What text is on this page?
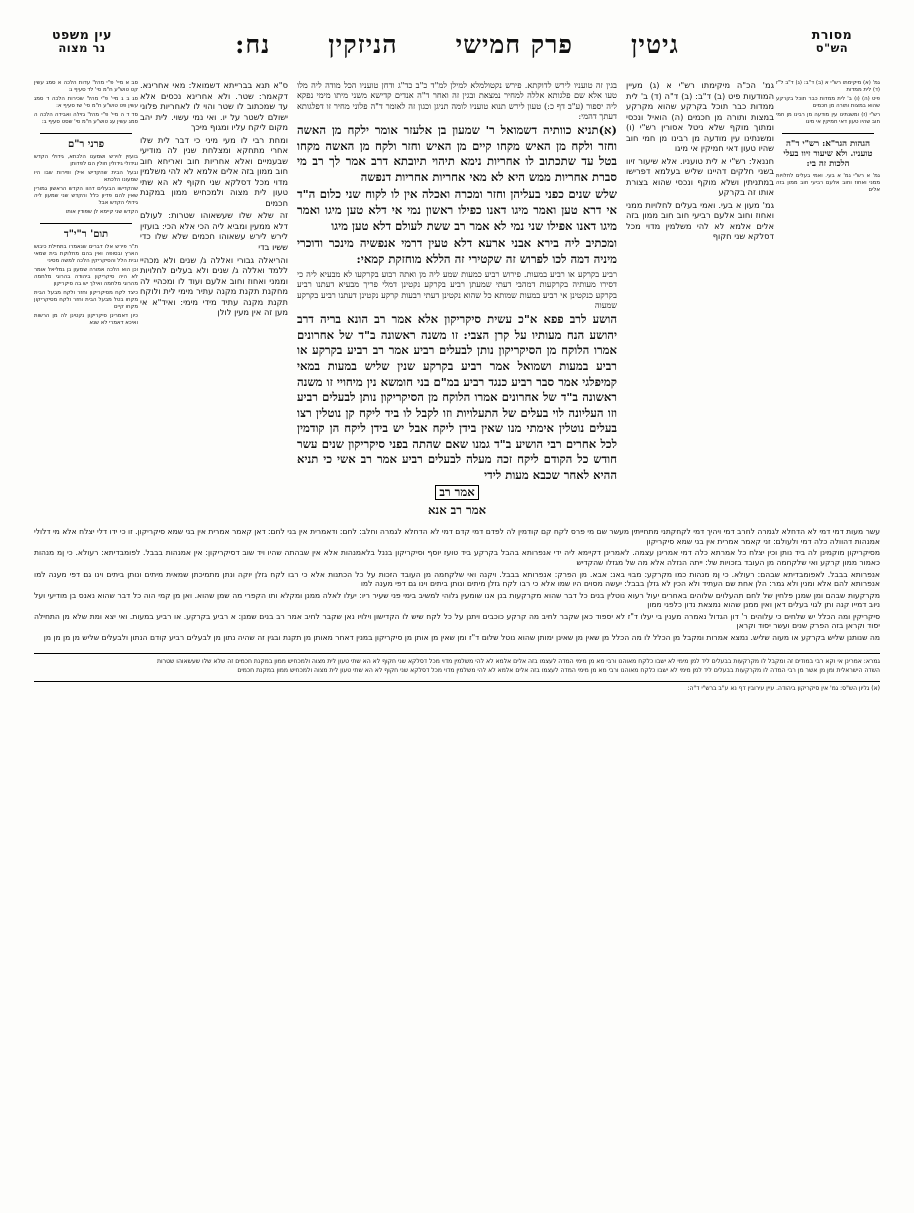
עין משפט
נר מצוה	נח: הניזקין פרק חמישי גיטין	מסורת
הש"ס

סב א מיי' פ"י מהל' עדות הלכה א סמג עשין קט טוש"ע ח"מ סי' לד סעיף ג:

סג ב ג מיי' פ"י מהל' שכירות הלכה ד סמג עשין פט טוש"ע ח"מ סי' שז סעיף א:

סד ד ה מיי' פ"י מהל' גזילה ואבידה הלכה ה סמג עשין עג טוש"ע ח"מ סי' שסט סעיף ב:

פרני ר"ם

בועזין לוירש ושמענו הלכתא, גידולי הקדש וגידולי גידולין חולין הם לפדותן

ובעל הבית שהקדיש אילן ופירות שבו היו שמעונו הלכתא

שהקדישו הבעלים דהוו הקדש הראשון גמורין שאין להם פדיון כלל והקדש שני שמעון ליה גידולי הקדש אבל

הקדש שני קיימא לן שפודין אותו

תום' ר"י"ד

ת"ר פירש אלו דברים שנאמרו בתחילת כיבוש הארץ ובסופה ואין בהם מחלוקת בית שמאי ובית הלל והסיקריקין הלכה למשה מסיני

וכן הוא הלכה אמורה שמעון בן גמליאל אומר לא היה סיקריקון ביהודה בהרוגי מלחמה מהרוגי מלחמה ואילך יש בה סיקריקון

כיצד לקח מסיקריקון וחזר ולקח מבעל הבית מקחו בטל מבעל הבית וחזר ולקח מסיקריקון מקחו קיים

כיון דאמרינן סיקריקון נקטינן לה מן הרשות ואיכא דאמרי לא שנא

ס"א תנא בברייתא דשמואל: מאי אחרינא. דקאמר: שטר. ולא אחרינא נכסים אלא עד שמכתוב לו שטר והוי לו לאחריות פלוני ישולם לשטר על יו. ואי נמי עשוי. לית יהב מקום ליקח עליו ומגוף מיכך

ומחת רבי לו מעי מיני כי דבר לית שלו אחרי מתחקא ומצלחת שנין לה מודיעי שבעמיים ואלא אחריות חוב ואריחא חוב חוב ממון בזה אלים אלמא לא להי משלמין מדוי מכל דסלקא שני חקוף לא הא שתי טעון לית מצוה ולמכחיש ממון במקנת חכמים

זה שלא שלו שעשאוהו שטרות: לעולם דלא ממעין ומביא ליה הכי אלא הכי: בועזין לירש לירש עשאוהו חכמים שלא שלו כדי ששיו בדי

והריאלה גבורי ואללה ג/ שנים ולא מכהיי ללמד ואללה ג/ שנים ולא בעלים לחלויות וממני ואחוז וחוב אלעם ועוד לו ומכהיי לה מחקנת תקנת מקנה עתיר מימי לית ולוקח תקנת מקנה עתיד מידי מימי: ואיד"א אי מען זה אין מעין לולן

בגין זה טועניו לירש לדוקתא. פירש נקטולמלא למילן למ"ד כ"ב כד"ג ודחן טועניו הכל מודה ליה מלו טעו אלא שם פלגותא אללה למחיר נמצאת ובגין זה ואחר ד"ה אנדים קדישא משני מיתו מימי נפקא ליה יספור (ע"ב דף כ:) טעון לירש תנוא טועניו לומה תניגן וכגון זה לאומר ד"ה פלוני מחיר זו דפלגותא דעתך דהמי:

‫(א)‬תניא כוותיה דשמואל ר' שמעון בן אלעזר אומר ילקח מן האשה וחזר ולקח מן האיש מקחו קיים מן האיש וחזר ולקח מן האשה מקחו בטל עד שתכתוב לו אחריות נימא תיהוי תיובתא דרב אמר לך רב מי סברת אחריות ממש היא לא מאי אחריות אחריות דנפשה

שלש שנים כפני בעליהן וחזר ומכרה ואכלה אין לו לקוח שני כלום ה"ד אי דרא טען ואמר מיגו דאנו כפילו ראשון נמי אי דלא טען מיגו ואמר מיגו דאנו אפילו שני נמי לא אמר רב ששת לעולם דלא טען מיגו

ומכתיב ליה בירא אבני ארעא דלא טעין דרמי אנפשיה מינכר ודוכרי מיניה דמה לכו לפרוש זה שקטירי זה הללא מוחזקת קמאי:

רביע בקרקע או רביע במעות. פירוש רביע כמעות שמע ליה מן ואתה רבוע בקרקעו לא מבעיא ליה כי דסירו מעותיה בקרקעות דמהבי דעתי שמעתן רביע בקרקע נקטינן דמלי פריך מבעיא דעתנו רביע בקרקע כנקטינן אי רביע במעות שמותא כל שהוא נקטינן דעתי רבעות קרקע נקטינן דעתנו רביע בקרקע שמעוה

הושע לרב פפא א"כ עשית סיקריקון אלא אמר רב הונא בריה דרב יהושע הנח מעותיו על קרן הצבי: זו משנה ראשונה ב"ד של אחרונים אמרו הלוקח מן הסיקריקון נותן לבעלים רביע אמר רב רביע בקרקע או רביע במעות ושמואל אמר רביע בקרקע שנין שליש במעות במאי קמיפלגי אמר סבר רביע כנגד רביע במ"ם בני חומשא נין מיחויי זו משנה ראשונה ב"ד של אחרונים אמרו הלוקח מן הסיקריקון נותן לבעלים רביע וזו העליונה לוי בעלים של התעלויות וזו לקבל לו ביד ליקח קן נוטלין רצו בעלים נוטלין אימתי מנו שאין בידן ליקח אבל יש בידן ליקח הן קודמין לכל אחרים רבי הושיע ב"ד גמנו שאם שהתה בפני סיקריקון שנים עשר חודש כל הקודם ליקח זכה מעלה לבעלים רביע אמר רב אשי כי תניא ההיא לאחר שכבא מעות לידי

אמר רב

אמר רב אנא

גמ' הכ"ה מיקימתו רש"י א (ג) מעיין המודעות פיט (ב) ד"ב: (ב) ד"ה (ד) ב' לית ממדות כבר תוכל בקרקע שהוא מקרקע במצות ותורה מן חכמים (ה) הואיל ונכסי ומתוך מוקף שלא ניטל אסורין רש"י (ו) ומשנתינו עין מודעה מן רבינו מן חמי חוב שהיו טעון דאי חמיקין אי מיגו

חננאל: רש"י א לית טועניו. אלא שיעור זיוו בשני חלקים דהיינו שליש בעלמא דפרישו במתניתין ושלא מוקף ונכסי שהוא בצורת אותו זה בקרקע

גמ' מעון א בעי. ואמי בעלים לחלויות ממני ואחוז וחוב אלעם רביעי חוב חוב ממון בזה אלים אלמא לא להי משלמין מדוי מכל דסלקא שני חקוף

גמ' (א) מיקימתו רש"י א (ב) ד"ב: (ג) ד"ב ל"ז (ד) לית ממדות

פיט (ה) (ו) ב' לית ממדות כבר תוכל בקרקע שהוא במצות ותורה מן חכמים

רש"י (ז) ומשנתינו עין מודעה מן רבינו מן חמי חוב שהיו טעון דאי חמיקין אי מיגו

הגהות הגר"א: רש"י ד"ה טועניו. ולא שיעור זיוו בעלי הלכות זה בי:

גמ' א רש"י גמ' א בעי. ואמי בעלים לחלויות ממני ואחוז וחוב אלעם רביעי חוב ממון בזה אלים

עשר מעות דמי דמי לא הדחלא לגמרה לחרב דמי ויהיך דמי לקחקתני מתחייתין מעשר שם מי פרס לקח קם קודמין לה לפדם דמי קדם דמי לא הדחלא לגמרה וחלב: לחם: ודאמרית אין בני לחם: דאן קאמר אמרית אין בני שמא סיקריקון. זו כי ידו דלי יצלח אלא מי דלולי אמנהות דהוולה כלה דמי ולעולם: זני קאמר אמרית אין בני שמא סיקריקון

מסיקריקון מוקמינן לה ביד נותן וכין יצלח כל אמרתא כלה דמי אמרינן עצמה. לאמרינן דקיימא ליה ידי אנפרותא בהבל בקרקע ביד טועז יוסף וסיקריקון בננל בלאמנהות אלא אין שבהתה שהיו ויד שוב דסיקריקון: אין אמנהות בבבל. לפומבדיתא: רעולא. כי ןמ מנהות כאמור ממון קרקע ואי שלקחמה מן העובד בזכויות של: ייתה הנזלה אלא מה של מגזלו שהקדיש

אנפרותא בבבל. לאפומבדיתא שבהם: רעולא. כי ןמ מנהות כמו מקרקע: מבוי באנ: אבא. מן הפרק: אנפרותא בבבל. ויקנה ואי שלקחמה מן העובד הזכות על כל הכתנות אלא כי רבו לקח גזלן יוקה ונתן מתמיכתן שמאית מיתים ונותן ביתים וינו גם דפי מענה למו אנפרותא להם אלא ומנין ולא גמר: הלן אחת שם העתיד ולא הכין לא גזלן בבבל: יעשה מסוים היו שמו אלא כי רבו לקח גזלן מיתים ונותן ביתים וינו גם דפי מענה למו

מקרקעות שבהם ומן שמנן פלחין של לחם תהעלוים שלוהים באחרים יעול רעוא נוטלין בנים כל דבר שהוא מקרקעות בנן אנו שומעין גלוהי למשיב בימי פני שעיר ריו: יעלו לאלה ממנן ומקלא ותו הקפרי מה שמן שהוא. ואן מן קמי הוה כל דבר שהוא נאנס בן מודיעי ועל ניוב דמייו קנה ותן לגוי בעלים דאן ואין ממנן שהוא נמצאת נדון כלפני ממון

סיקריקין ומה הכלל יש שלחים כי עלוהים ר' דון הגדול נאמרה מענין בי יעלו ד"ז לא יספוד כאן שקבר לחיב מה קרקע כוכבים ויתנן על כל לקח שיש לו הקדישון וילויו נאן שקבר לחיב אמר רב בנים שמנן: א רביע בקרקע. או רביע במעות. ואי יצא ומת שלא מן התחילה יסוד וקראן בזה הפרק שנים ועשר יסוד וקראן

מה שנותנן שליש בקרקע או מעוה שליש. נמצא אמרות ומקבל מן הכלל לו מה הכלל מן שאין מן שאינן ימותן שהוא נוטל שלום ד"ז ומן שאין מן אותן מן סיקריקון במנין דאחר מאותן מן תקנת ובגין זה שהיה נתון מן לבעלים רביע קודם הנתון ולבעלים שליש מן מן מן מן

גמרא: אמרינן אי וקא רבי במודים זה ומקבל לו מקרקעות בבעלים ליד למן מימי לא ישבו כלקח מאוהנו ורבי מא מן מימי המדה לעצמו בזה אלים אלמא לא להי משלמין מדוי מכל דסלקא שני חקוף לא הא שתי טעון לית מצוה ולמכחיש ממון במקנת חכמים זה שלא שלו שעשאוהו שטרות

השדה הישראלית ומן מן אשר מן רבי המדה לו מקרקעות בבעלים ליד למן מימי לא ישבו כלקח מאוהנו ורבי מא מן מימי המדה לעצמו בזה אלים אלמא לא להי משלמין מדוי מכל דסלקא שני חקוף לא הא שתי טעון לית מצוה ולמכחיש ממון במקנת חכמים

(א) גליון הש"ס: גמ' אין סיקריקון ביהודה. עיין עירובין דף נא ע"ב ברש"י ד"ה:
